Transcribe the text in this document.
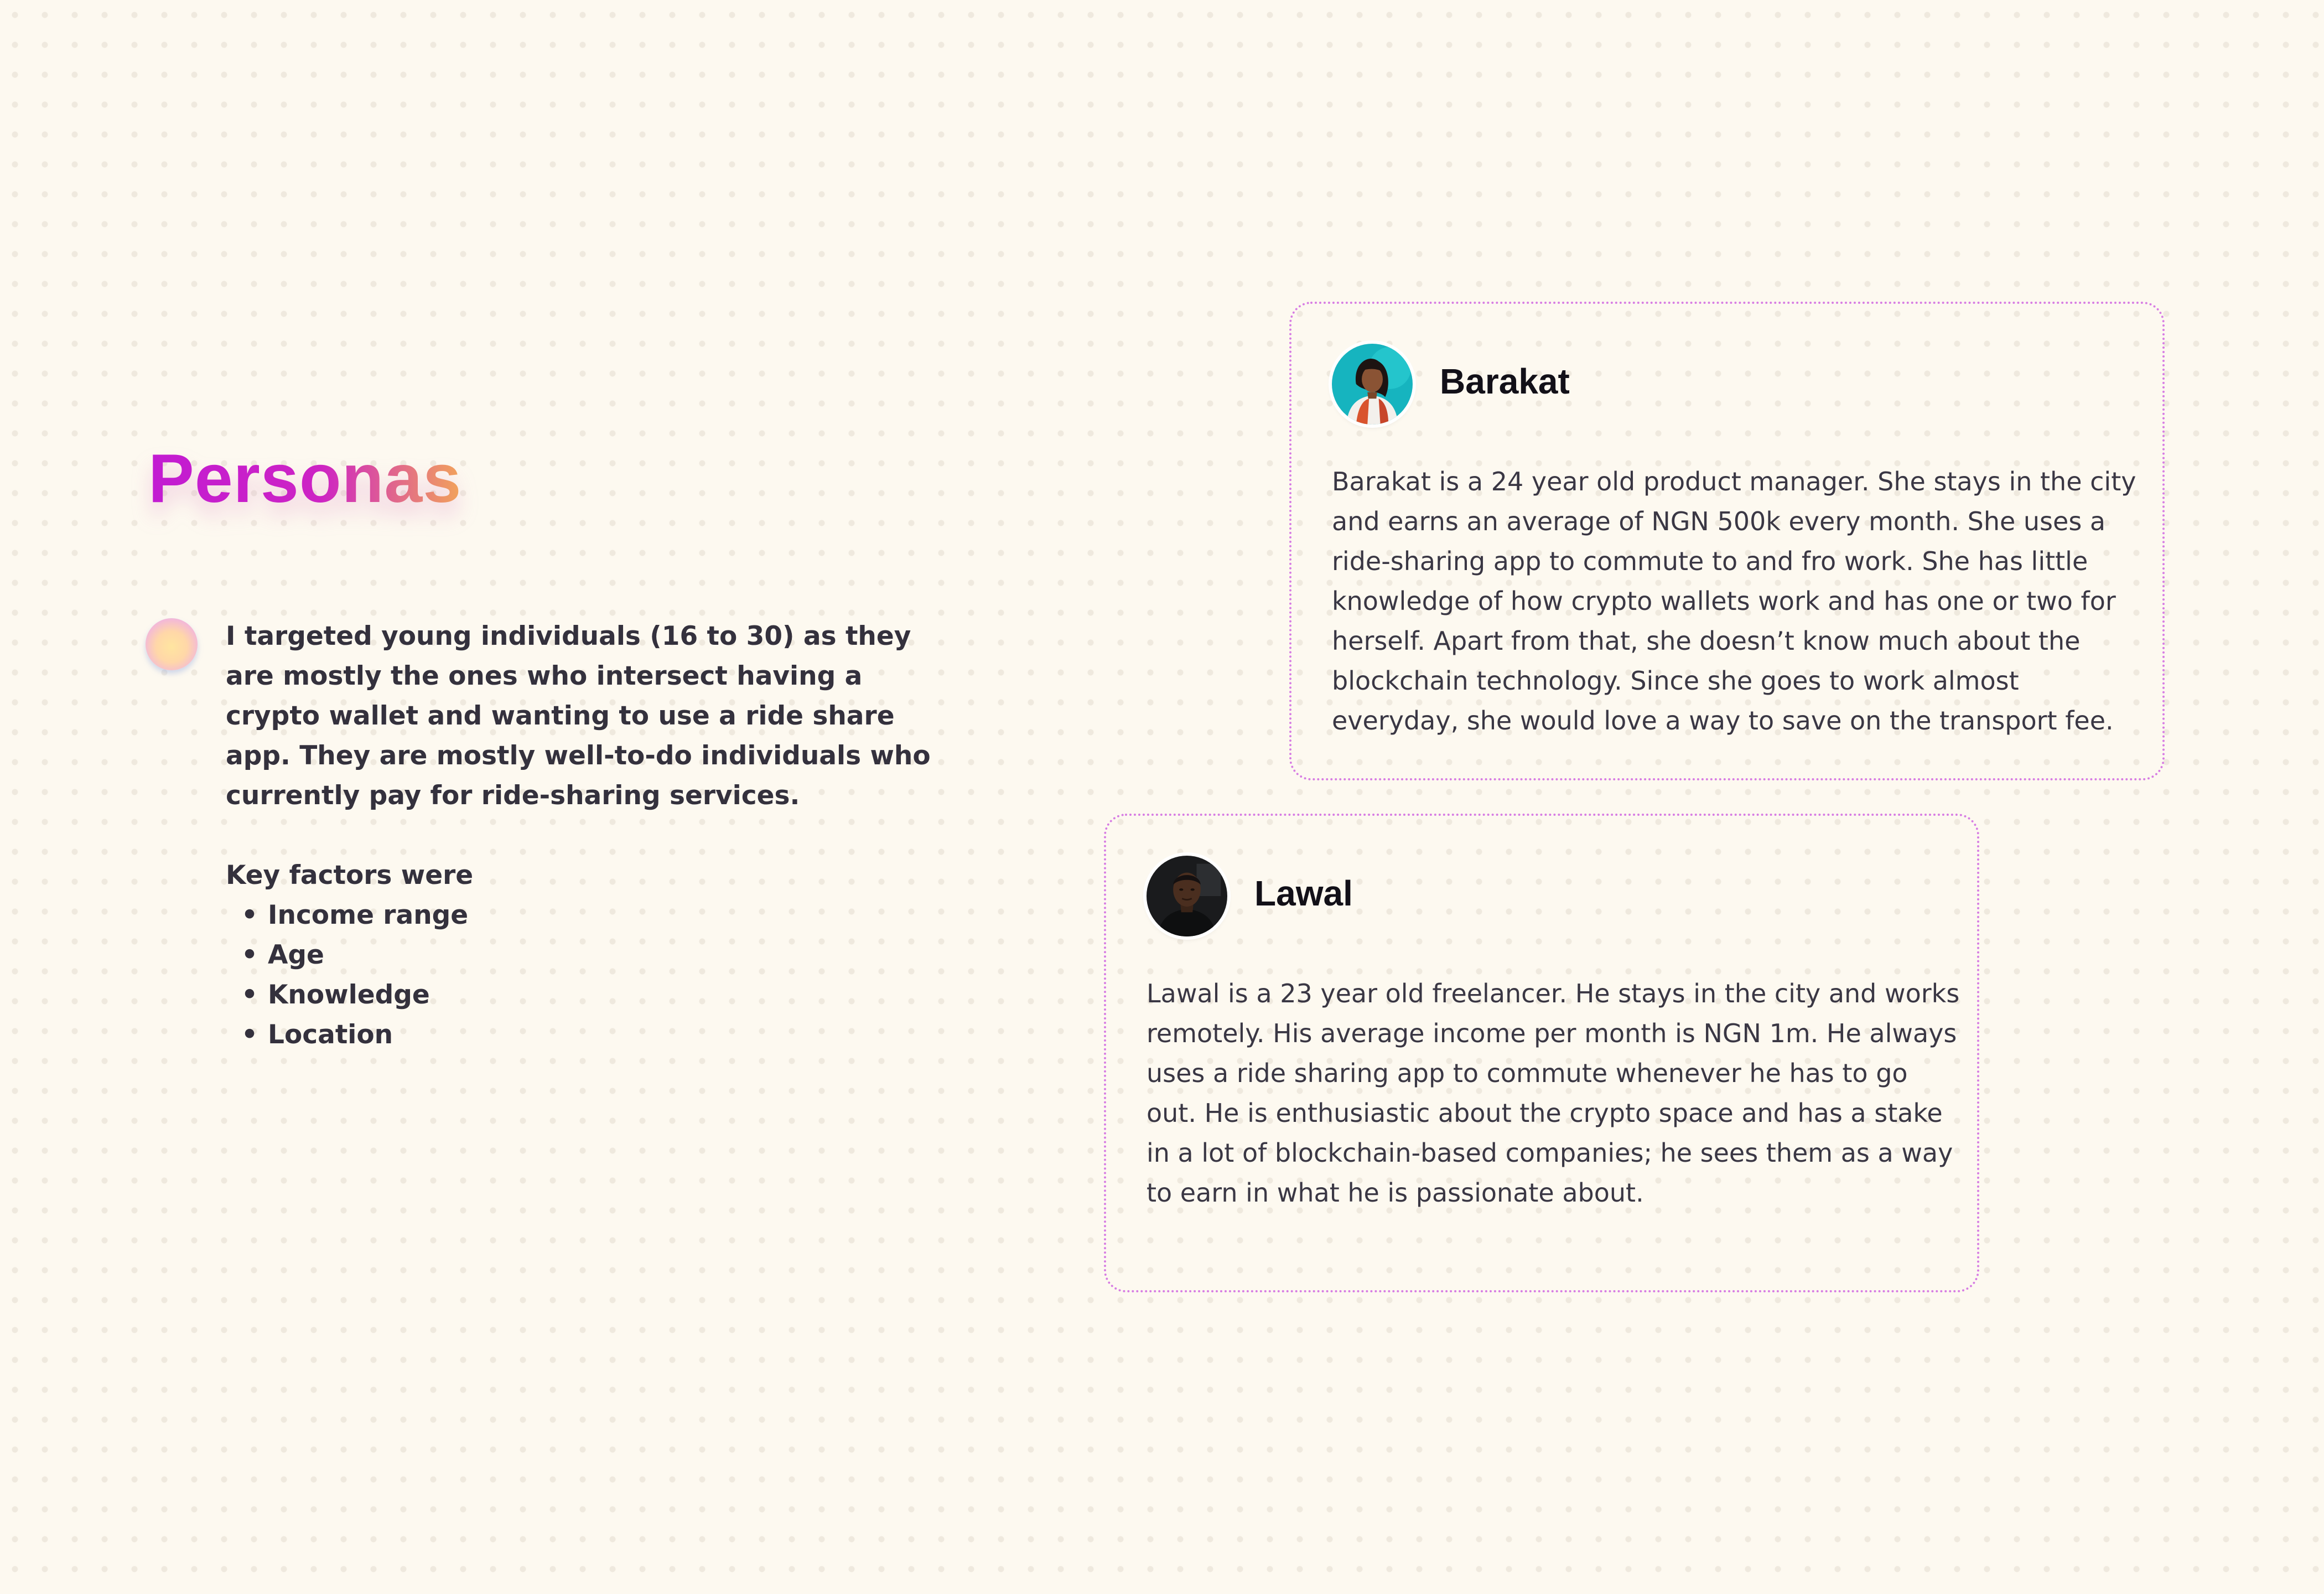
Personas

I targeted young individuals (16 to 30) as they are mostly the ones who intersect having a crypto wallet and wanting to use a ride share app. They are mostly well-to-do individuals who currently pay for ride-sharing services.

Key factors were

• Income range
• Age
• Knowledge
• Location
Barakat

Barakat is a 24 year old product manager. She stays in the city and earns an average of NGN 500k every month. She uses a ride-sharing app to commute to and fro work. She has little knowledge of how crypto wallets work and has one or two for herself. Apart from that, she doesn’t know much about the blockchain technology. Since she goes to work almost everyday, she would love a way to save on the transport fee.

Lawal

Lawal is a 23 year old freelancer. He stays in the city and works remotely. His average income per month is NGN 1m. He always uses a ride sharing app to commute whenever he has to go out. He is enthusiastic about the crypto space and has a stake in a lot of blockchain-based companies; he sees them as a way to earn in what he is passionate about.
